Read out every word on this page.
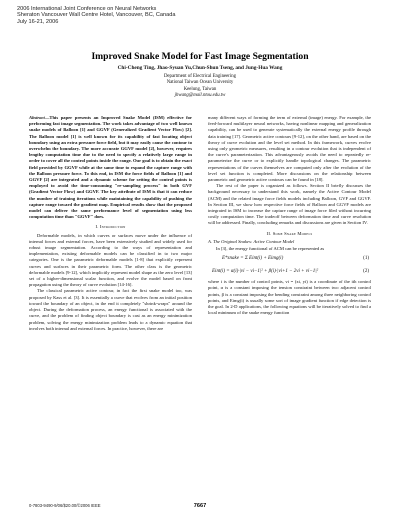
2006 International Joint Conference on Neural Networks
Sheraton Vancouver Wall Centre Hotel, Vancouver, BC, Canada
July 16-21, 2006
Improved Snake Model for Fast Image Segmentation
Chi-Cheng Ting, Jhao-Syuan Yu,Chun-Shun Tseng, and Jung-Hua Wang
Department of Electrical Engineering
National Taiwan Ocean University
Keelung, Taiwan
jhwang@mail.ntou.edu.tw

Abstract—This paper presents an Improved Snake Model (ISM) effective for performing fast image segmentation. The work takes advantage of two well known snake models of Balloon [1] and GGVF (Generalized Gradient Vector Flow) [2]. The Balloon model [1] is well known for its capability of fast locating object boundary using an extra pressure force field, but it may easily cause the contour to overwhelm the boundary. The more accurate GGVF model [2], however, requires lengthy computation time due to the need to specify a relatively large range in order to cover all the control points inside the range. Our goal is to obtain the exact field provided by GGVF while at the same time to expand the capture range with the Balloon pressure force. To this end, in ISM the force fields of Balloon [1] and GGVF [2] are integrated and a dynamic scheme for setting the control points is employed to avoid the time-consuming "re-sampling process" in both GVF (Gradient Vector Flow) and GGVF. The key attribute of ISM is that it can reduce the number of training iterations while maintaining the capability of pushing the capture range toward the gradient map. Empirical results show that the proposed model can deliver the same performance level of segmentation using less computation time than "GGVF" does.

I. Introduction

Deformable models, in which curves or surfaces move under the influence of internal forces and external forces, have been extensively studied and widely used for robust image segmentation. According to the ways of representation and implementation, existing deformable models can be classified in to two major categories. One is the parametric deformable models [1-8] that explicitly represent curves and surfaces in their parametric form. The other class is the geometric deformable models [9-12], which implicitly represent model shape as the zero level [13] set of a higher-dimensional scalar function, and evolve the model based on front propagation using the theory of curve evolution [14-16].

The classical parametric active contour, in fact the first snake model too, was proposed by Kass et al. [3]. It is essentially a curve that evolves from an initial position toward the boundary of an object, in the end it completely "shrink-wraps" around the object. During the deformation process, an energy functional is associated with the curve, and the problem of finding object boundary is cast as an energy minimization problem, solving the energy minimization problem leads to a dynamic equation that involves both internal and external forces. In practice, however, there are

many different ways of forming the term of external (image) energy. For example, the feed-forward multilayer neural networks, having nonlinear mapping and generalization capability, can be used to generate systematically the external energy profile through data training [17]. Geometric active contours [9-12], on the other hand, are based on the theory of curve evolution and the level set method. In this framework, curves evolve using only geometric measures, resulting in a contour evolution that is independent of the curve's parameterization. This advantageously avoids the need to repeatedly re-parameterize the curve or to explicitly handle topological changes. The parametric representations of the curves themselves are computed only after the evolution of the level set function is completed. More discussions on the relationship between parametric and geometric active contours can be found in [18].

The rest of the paper is organized as follows. Section II briefly discusses the background necessary to understand this work, namely the Active Contour Model (ACM) and the related image force fields models including Balloon, GVF and GGVF. In Section III, we show how respective force fields of Balloon and GGVF models are integrated in ISM to increase the capture range of image force filed without incurring costly computation time. The tradeoff between deformation time and curve resolution will be addressed. Finally, concluding remarks and discussions are given in Section IV.

II. Some Snake Models
A. The Original Snakes: Active Contour Model

In [3], the energy functional of ACM can be represented as

E*snake = Σ Eint(i) + Eimg(i)	(1)
Eint(i) = α(i)·|vi − vi−1|² + β(i)·|vi+1 − 2vi + vi−1|²	(2)

where i is the number of control points, vi = (xi, yi) is a coordinate of the ith control point, α is a constant imposing the tension constraint between two adjacent control points, β is a constant imposing the bending constraint among three neighboring control points, and Eimg(i) is usually some sort of image gradient function if edge detection is the goal. In 2-D applications, the following equations will be iteratively solved to find a local minimum of the snake energy function

0-7803-9490-9/06/$20.00/©2006 IEEE	7667
